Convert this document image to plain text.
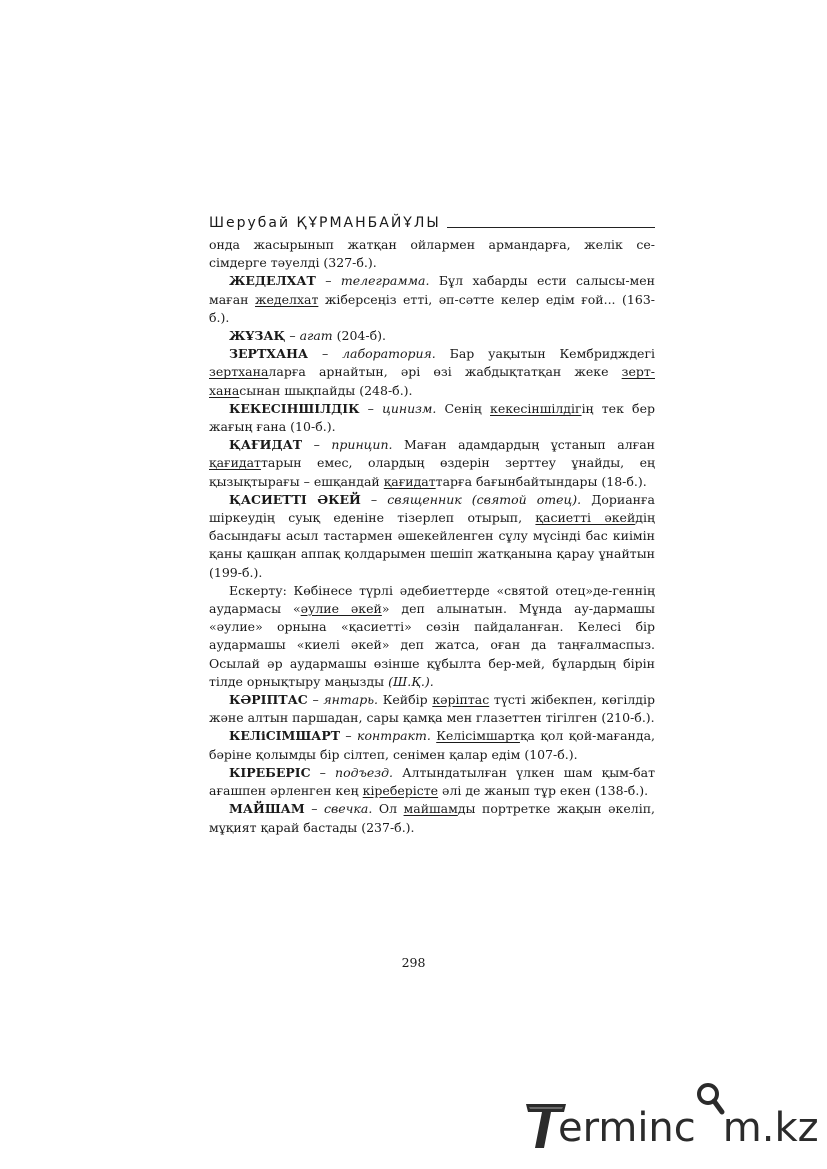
Шерубай ҚҰРМАНБАЙҰЛЫ

онда жасырынып жатқан ойлармен армандарға, желік се-сімдерге тәуелді (327-б.).

ЖЕДЕЛХАТ – телеграмма. Бұл хабарды ести салысы-мен маған жеделхат жіберсеңіз етті, әп-сәтте келер едім ғой... (163-б.).

ЖҰЗАҚ – агат (204-б).

ЗЕРТХАНА – лаборатория. Бар уақытын Кембридждегі зертханаларға арнайтын, әрі өзі жабдықтатқан жеке зерт-ханасынан шықпайды (248-б.).

КЕКЕСІНШІЛДІК – цинизм. Сенің кекесіншілдігің тек бер жағың ғана (10-б.).

ҚАҒИДАТ – принцип. Маған адамдардың ұстанып алған қағидаттарын емес, олардың өздерін зерттеу ұнайды, ең қызықтырағы – ешқандай қағидаттарға бағынбайтындары (18-б.).

ҚАСИЕТТІ ӘКЕЙ – священник (святой отец). Дорианға шіркеудің суық еденіне тізерлеп отырып, қасиетті әкейдің басындағы асыл тастармен әшекейленген сұлу мүсінді бас киімін қаны қашқан аппақ қолдарымен шешіп жатқанына қарау ұнайтын (199-б.).

Ескерту: Көбінесе түрлі әдебиеттерде «святой отец»де-геннің аудармасы «әулие әкей» деп алынатын. Мұнда ау-дармашы «әулие» орнына «қасиетті» сөзін пайдаланған. Келесі бір аудармашы «киелі әкей» деп жатса, оған да таңғалмаспыз. Осылай әр аудармашы өзінше құбылта бер-мей, бұлардың бірін тілде орнықтыру маңызды (Ш.Қ.).

КӘРІПТАС – янтарь. Кейбір кәріптас түсті жібекпен, көгілдір және алтын паршадан, сары қамқа мен глазеттен тігілген (210-б.).

КЕЛіСІМШАРТ – контракт. Келісімшартқа қол қой-мағанда, бәріне қолымды бір сілтеп, сенімен қалар едім (107-б.).

КІРЕБЕРІС – подъезд. Алтындатылған үлкен шам қым-бат ағашпен әрленген кең кіреберісте әлі де жанып тұр екен (138-б.).

МАЙШАМ – свечка. Ол майшамды портретке жақын әкеліп, мұқият қарай бастады (237-б.).

298
erminc m.kz
